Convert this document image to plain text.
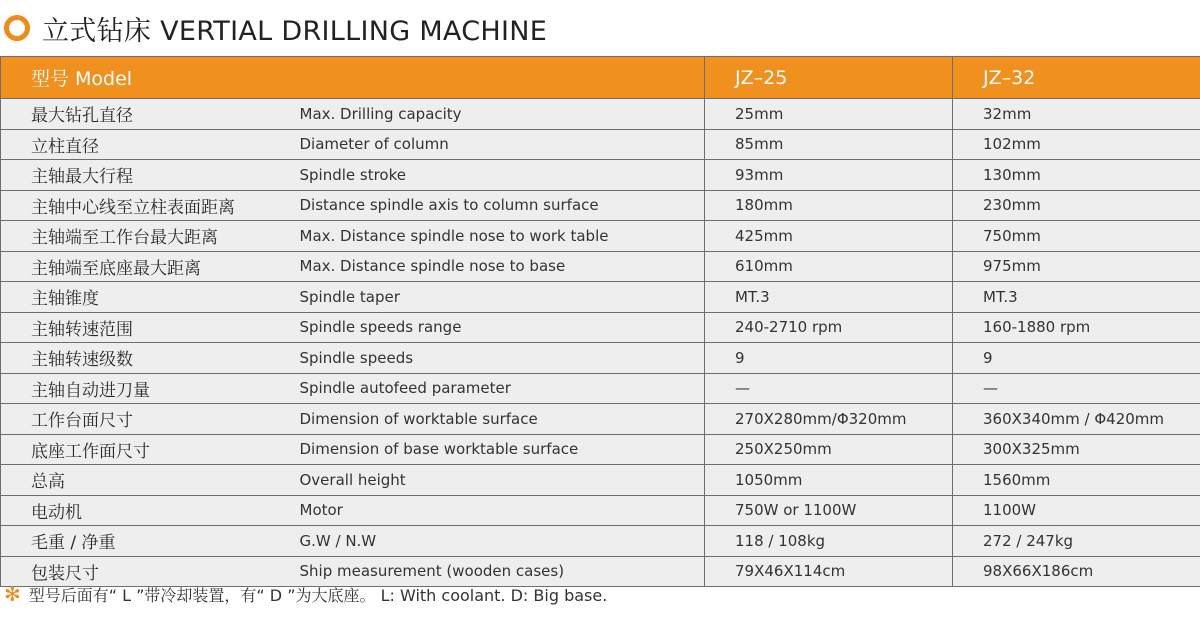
立式钻床 VERTIAL DRILLING MACHINE
型号 Model		JZ–25	JZ–32
最大钻孔直径	Max. Drilling capacity	25mm	32mm
立柱直径	Diameter of column	85mm	102mm
主轴最大行程	Spindle stroke	93mm	130mm
主轴中心线至立柱表面距离	Distance spindle axis to column surface	180mm	230mm
主轴端至工作台最大距离	Max. Distance spindle nose to work table	425mm	750mm
主轴端至底座最大距离	Max. Distance spindle nose to base	610mm	975mm
主轴锥度	Spindle taper	MT.3	MT.3
主轴转速范围	Spindle speeds range	240-2710 rpm	160-1880 rpm
主轴转速级数	Spindle speeds	9	9
主轴自动进刀量	Spindle autofeed parameter	—	—
工作台面尺寸	Dimension of worktable surface	270X280mm/Φ320mm	360X340mm / Φ420mm
底座工作面尺寸	Dimension of base worktable surface	250X250mm	300X325mm
总高	Overall height	1050mm	1560mm
电动机	Motor	750W or 1100W	1100W
毛重 / 净重	G.W / N.W	118 / 108kg	272 / 247kg
包装尺寸	Ship measurement (wooden cases)	79X46X114cm	98X66X186cm
✻ 型号后面有“ L ”带冷却装置，有“ D ”为大底座。 L: With coolant. D: Big base.
